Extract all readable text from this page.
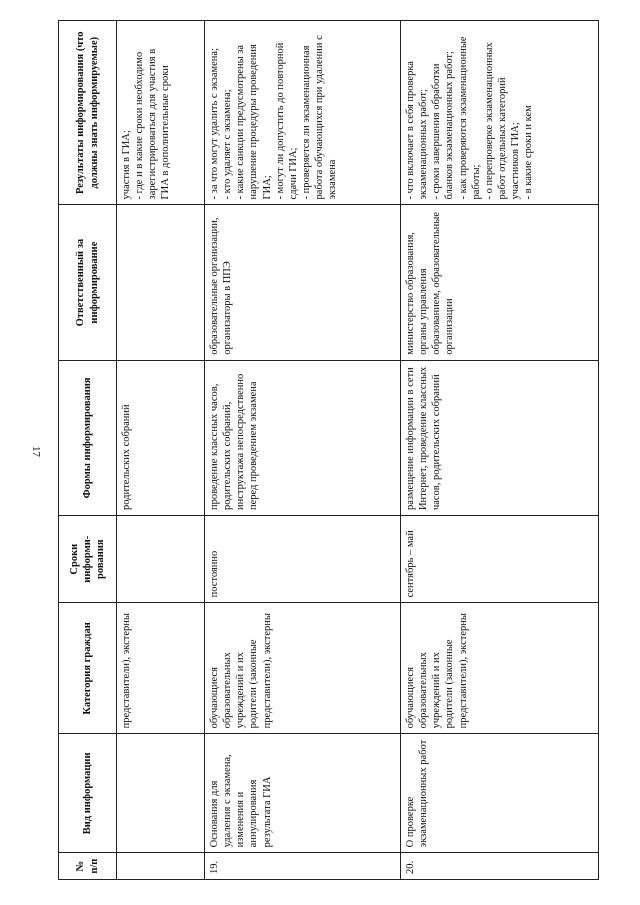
17
№ п/п	Вид информации	Категория граждан	Сроки информи-рования	Формы информирования	Ответственный за информирование	Результаты информирования (что должны знать информируемые)
		представители), экстерны		родительских собраний		участия в ГИА; - где и в какие сроки необходимо зарегистрироваться для участия в ГИА в дополнительные сроки

19.	Основания для удаления с экзамена, изменения и аннулирования результата ГИА	обучающиеся образовательных учреждений и их родители (законные представители), экстерны	постоянно	проведение классных часов, родительских собраний, инструктажа непосредственно перед проведением экзамена	образовательные организации, организаторы в ППЭ	- за что могут удалить с экзамена; - кто удаляет с экзамена; - какие санкции предусмотрены за нарушение процедуры проведения ГИА; - могут ли допустить до повторной сдачи ГИА; - проверяется ли экзаменационная работа обучающихся при удалении с экзамена

20.	О проверке экзаменационных работ	обучающиеся образовательных учреждений и их родители (законные представители), экстерны	сентябрь – май	размещение информации в сети Интернет, проведение классных часов, родительских собраний	министерство образования, органы управления образованием, образовательные организации	- что включает в себя проверка экзаменационных работ; - сроки завершения обработки бланков экзаменационных работ; - как проверяются экзаменационные работы; - о перепроверке экзаменационных работ отдельных категорий участников ГИА; - в какие сроки и кем
